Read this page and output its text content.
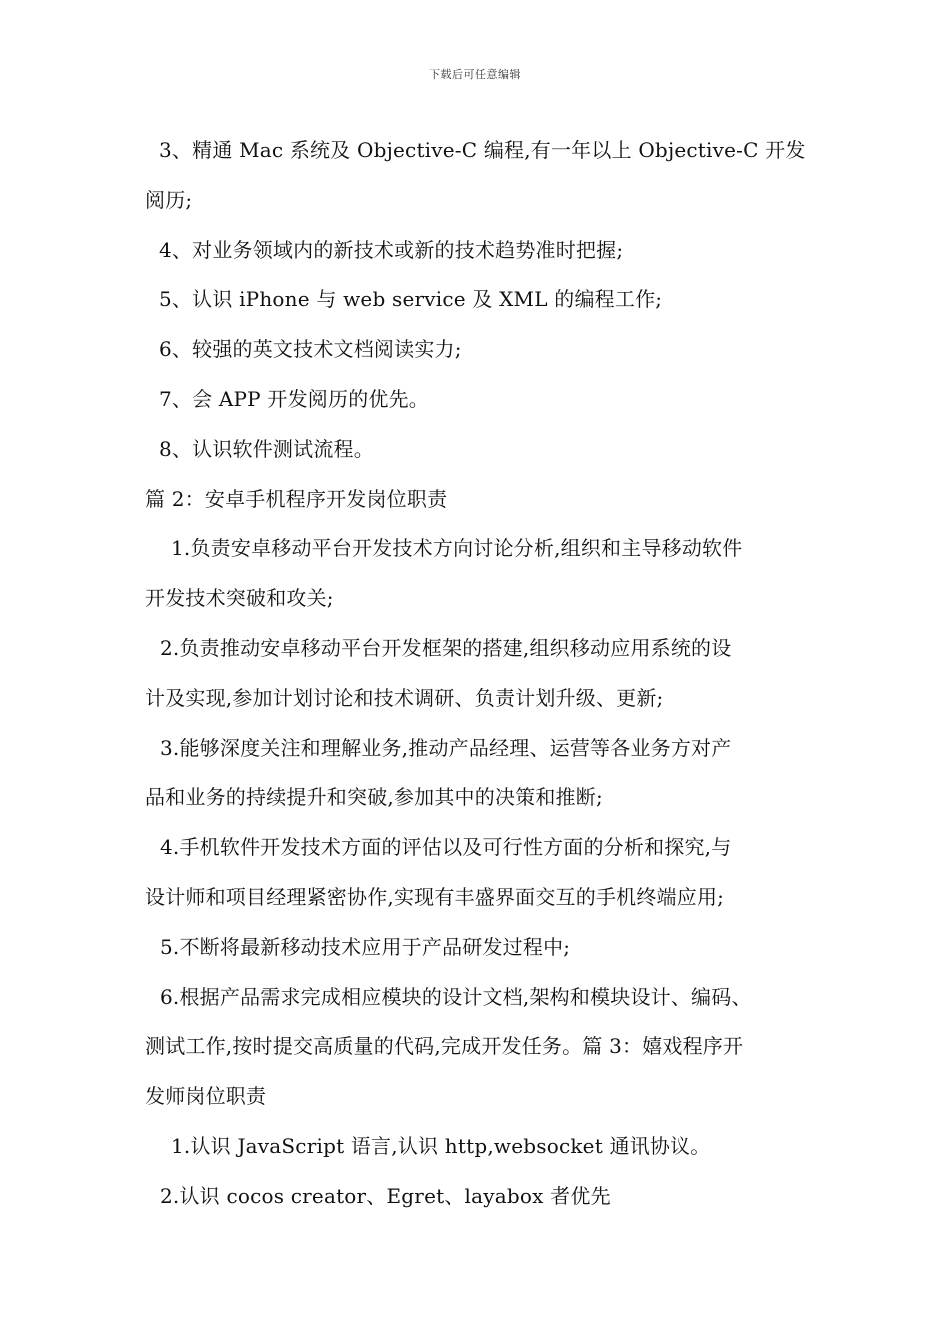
下载后可任意编辑
3、精通 Mac 系统及 Objective-C 编程,有一年以上 Objective-C 开发
阅历;
4、对业务领域内的新技术或新的技术趋势准时把握;
5、认识 iPhone 与 web service 及 XML 的编程工作;
6、较强的英文技术文档阅读实力;
7、会 APP 开发阅历的优先。
8、认识软件测试流程。
篇 2：安卓手机程序开发岗位职责
1.负责安卓移动平台开发技术方向讨论分析,组织和主导移动软件
开发技术突破和攻关;
2.负责推动安卓移动平台开发框架的搭建,组织移动应用系统的设
计及实现,参加计划讨论和技术调研、负责计划升级、更新;
3.能够深度关注和理解业务,推动产品经理、运营等各业务方对产
品和业务的持续提升和突破,参加其中的决策和推断;
4.手机软件开发技术方面的评估以及可行性方面的分析和探究,与
设计师和项目经理紧密协作,实现有丰盛界面交互的手机终端应用;
5.不断将最新移动技术应用于产品研发过程中;
6.根据产品需求完成相应模块的设计文档,架构和模块设计、编码、
测试工作,按时提交高质量的代码,完成开发任务。篇 3：嬉戏程序开
发师岗位职责
1.认识 JavaScript 语言,认识 http,websocket 通讯协议。
2.认识 cocos creator、Egret、layabox 者优先
